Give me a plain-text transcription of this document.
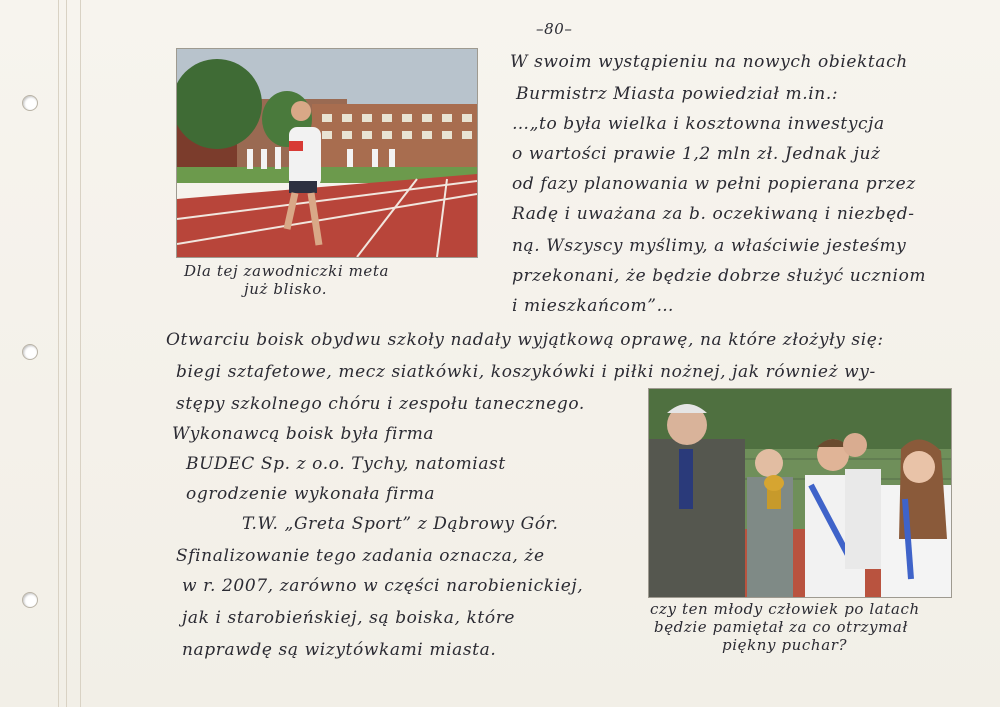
–80–
Dla tej zawodniczki meta
już blisko.
W swoim wystąpieniu na nowych obiektach
Burmistrz Miasta powiedział m.in.:
…„to była wielka i kosztowna inwestycja
o wartości prawie 1,2 mln zł. Jednak już
od fazy planowania w pełni popierana przez
Radę i uważana za b. oczekiwaną i niezbęd-
ną. Wszyscy myślimy, a właściwie jesteśmy
przekonani, że będzie dobrze służyć uczniom
i mieszkańcom”…
Otwarciu boisk obydwu szkoły nadały wyjątkową oprawę, na które złożyły się:
biegi sztafetowe, mecz siatkówki, koszykówki i piłki nożnej, jak również wy-
stępy szkolnego chóru i zespołu tanecznego.
Wykonawcą boisk była firma
BUDEC Sp. z o.o. Tychy, natomiast
ogrodzenie wykonała firma
T.W. „Greta Sport” z Dąbrowy Gór.
Sfinalizowanie tego zadania oznacza, że
w r. 2007, zarówno w części narobienickiej,
jak i starobieńskiej, są boiska, które
naprawdę są wizytówkami miasta.
czy ten młody człowiek po latach
będzie pamiętał za co otrzymał
piękny puchar?
